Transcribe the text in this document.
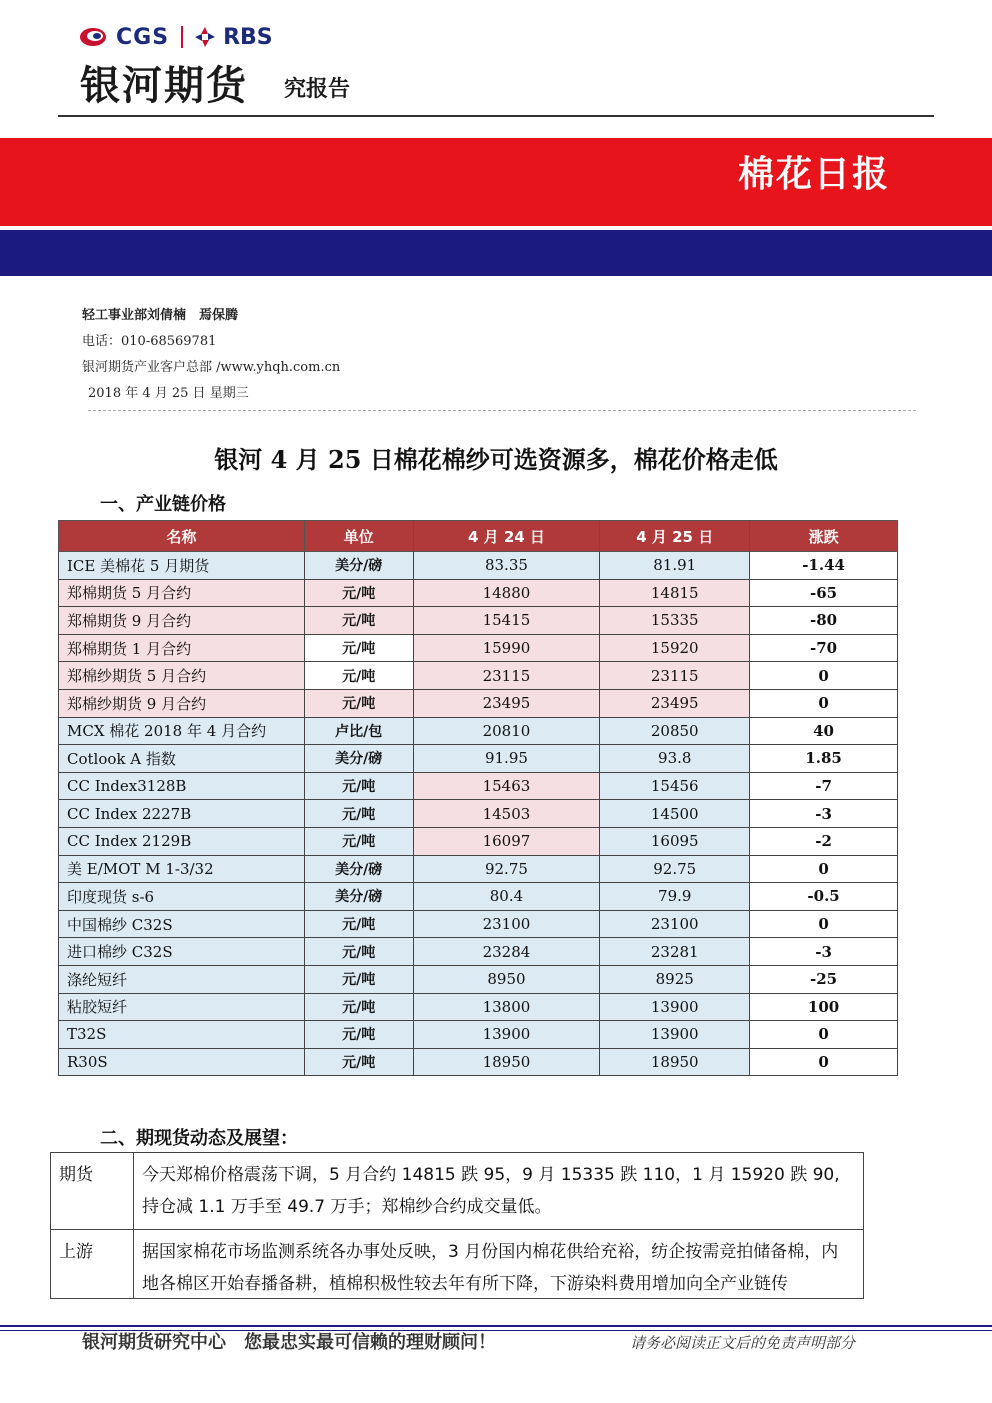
CGS RBS
银河期货 究报告
棉花日报
轻工事业部刘倩楠　焉保腾
电话：010-68569781
银河期货产业客户总部 /www.yhqh.com.cn
2018 年 4 月 25 日 星期三
银河 4 月 25 日棉花棉纱可选资源多，棉花价格走低
一、产业链价格
名称	单位	4 月 24 日	4 月 25 日	涨跌
ICE 美棉花 5 月期货	美分/磅	83.35	81.91	-1.44
郑棉期货 5 月合约	元/吨	14880	14815	-65
郑棉期货 9 月合约	元/吨	15415	15335	-80
郑棉期货 1 月合约	元/吨	15990	15920	-70
郑棉纱期货 5 月合约	元/吨	23115	23115	0
郑棉纱期货 9 月合约	元/吨	23495	23495	0
MCX 棉花 2018 年 4 月合约	卢比/包	20810	20850	40
Cotlook A 指数	美分/磅	91.95	93.8	1.85
CC Index3128B	元/吨	15463	15456	-7
CC Index 2227B	元/吨	14503	14500	-3
CC Index 2129B	元/吨	16097	16095	-2
美 E/MOT M 1-3/32	美分/磅	92.75	92.75	0
印度现货 s-6	美分/磅	80.4	79.9	-0.5
中国棉纱 C32S	元/吨	23100	23100	0
进口棉纱 C32S	元/吨	23284	23281	-3
涤纶短纤	元/吨	8950	8925	-25
粘胶短纤	元/吨	13800	13900	100
T32S	元/吨	13900	13900	0
R30S	元/吨	18950	18950	0
二、期现货动态及展望：
期货	今天郑棉价格震荡下调，5 月合约 14815 跌 95，9 月 15335 跌 110，1 月 15920 跌 90,持仓减 1.1 万手至 49.7 万手；郑棉纱合约成交量低。
上游	据国家棉花市场监测系统各办事处反映，3 月份国内棉花供给充裕，纺企按需竞拍储备棉，内地各棉区开始春播备耕，植棉积极性较去年有所下降，下游染料费用增加向全产业链传
银河期货研究中心　您最忠实最可信赖的理财顾问！	请务必阅读正文后的免责声明部分
